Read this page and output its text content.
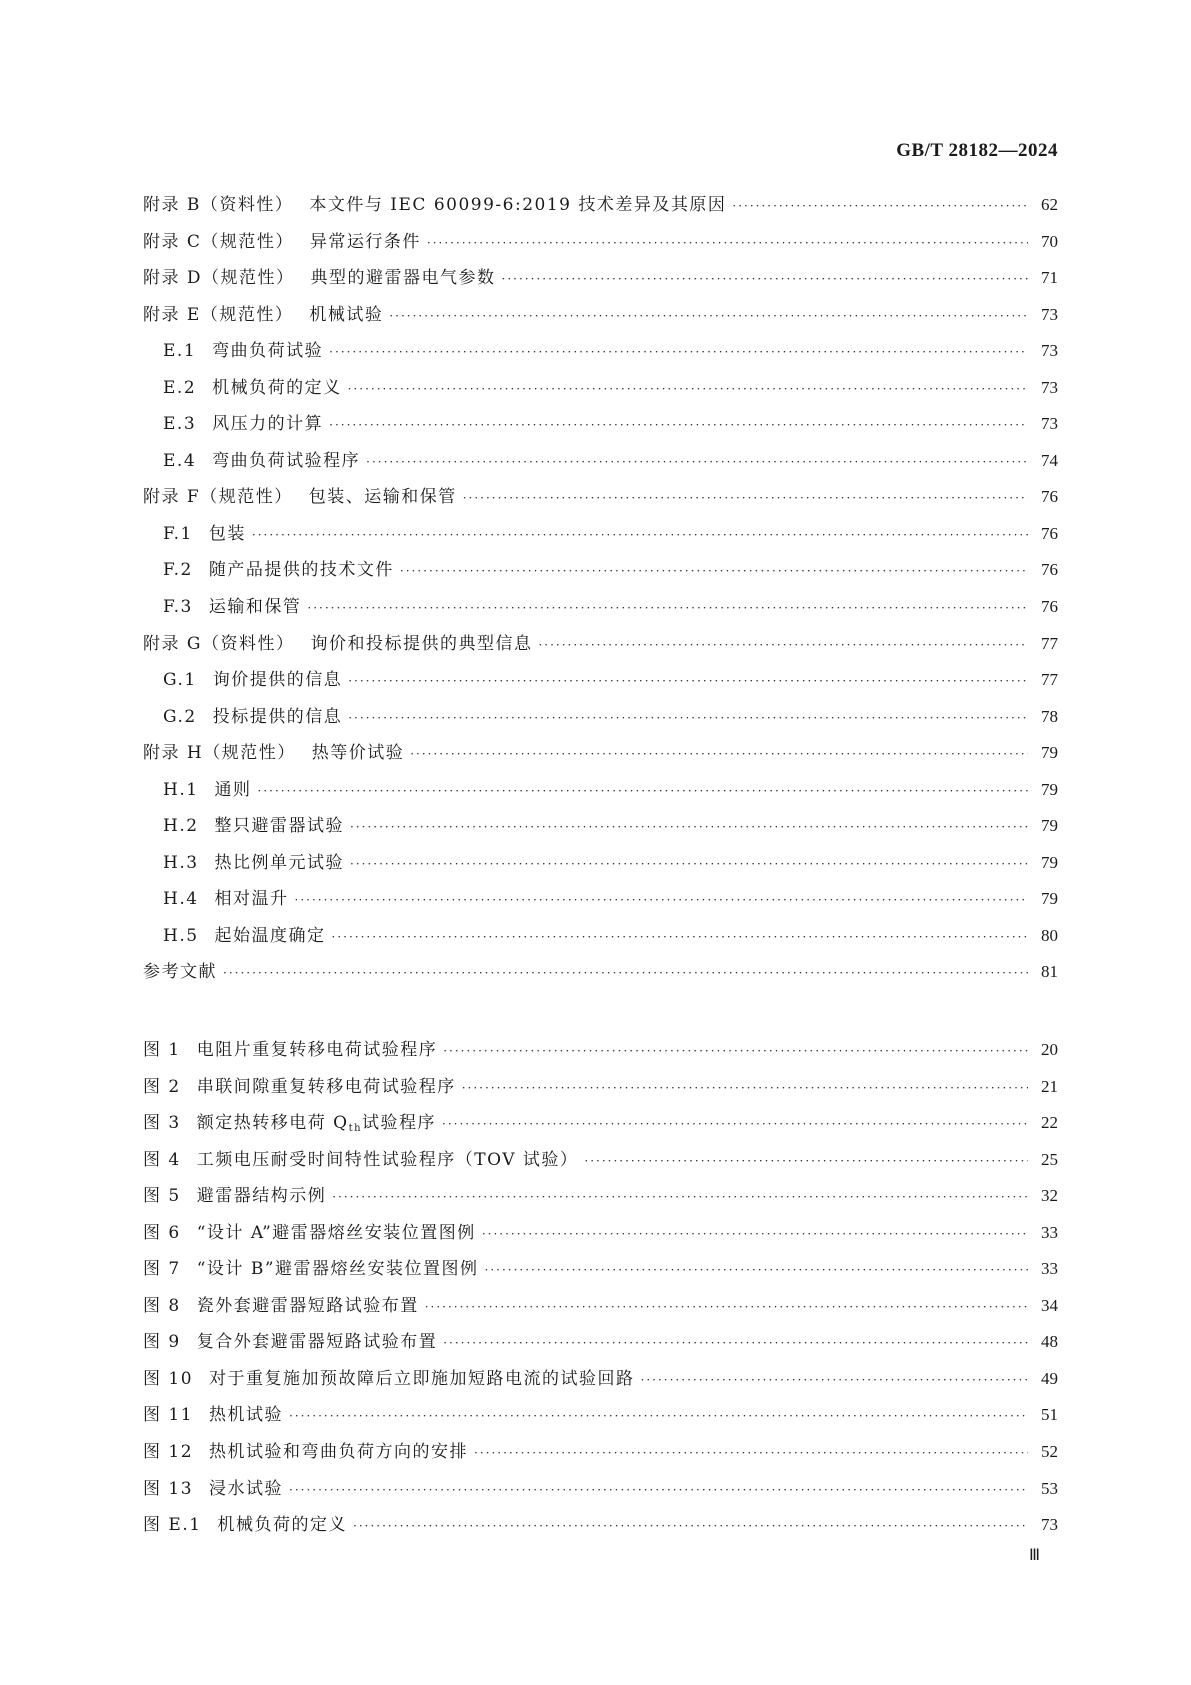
GB/T 28182—2024
附录 B（资料性） 本文件与 IEC 60099-6:2019 技术差异及其原因 ·····	62
附录 C（规范性） 异常运行条件 ·····	70
附录 D（规范性） 典型的避雷器电气参数 ·····	71
附录 E（规范性） 机械试验 ·····	73
E.1 弯曲负荷试验 ·····	73
E.2 机械负荷的定义 ·····	73
E.3 风压力的计算 ·····	73
E.4 弯曲负荷试验程序 ·····	74
附录 F（规范性） 包装、运输和保管 ·····	76
F.1 包装 ·····	76
F.2 随产品提供的技术文件 ·····	76
F.3 运输和保管 ·····	76
附录 G（资料性） 询价和投标提供的典型信息 ·····	77
G.1 询价提供的信息 ·····	77
G.2 投标提供的信息 ·····	78
附录 H（规范性） 热等价试验 ·····	79
H.1 通则 ·····	79
H.2 整只避雷器试验 ·····	79
H.3 热比例单元试验 ·····	79
H.4 相对温升 ·····	79
H.5 起始温度确定 ·····	80
参考文献 ·····	81
图 1 电阻片重复转移电荷试验程序 ·····	20
图 2 串联间隙重复转移电荷试验程序 ·····	21
图 3 额定热转移电荷 $Q_{th}$试验程序 ·····	22
图 4 工频电压耐受时间特性试验程序（TOV 试验） ·····	25
图 5 避雷器结构示例 ·····	32
图 6 “设计 A”避雷器熔丝安装位置图例 ·····	33
图 7 “设计 B”避雷器熔丝安装位置图例 ·····	33
图 8 瓷外套避雷器短路试验布置 ·····	34
图 9 复合外套避雷器短路试验布置 ·····	48
图 10 对于重复施加预故障后立即施加短路电流的试验回路 ·····	49
图 11 热机试验 ·····	51
图 12 热机试验和弯曲负荷方向的安排 ·····	52
图 13 浸水试验 ·····	53
图 E.1 机械负荷的定义 ·····	73
Ⅲ
